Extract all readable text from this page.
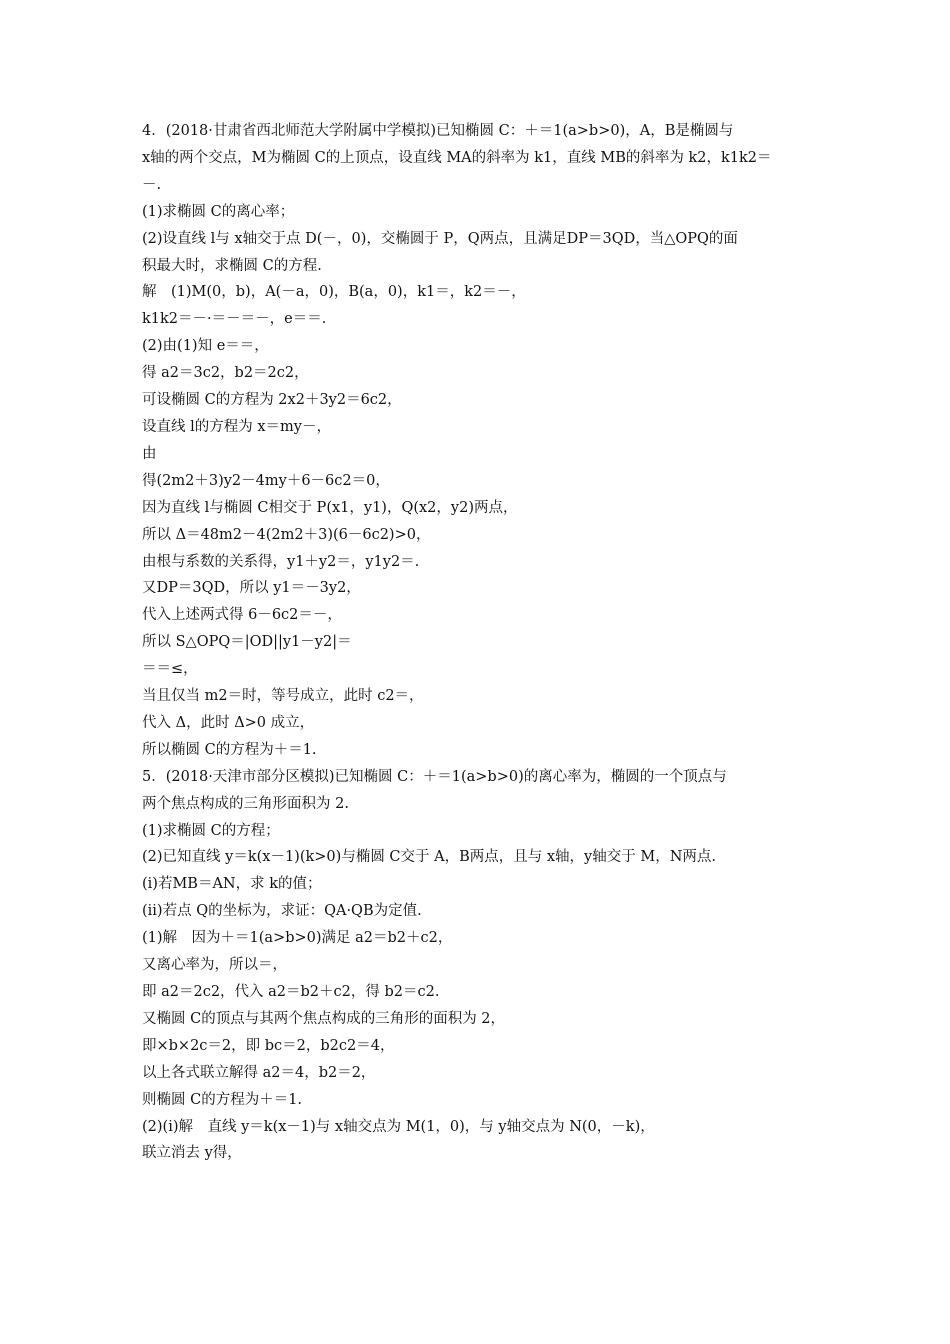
4．(2018·甘肃省西北师范大学附属中学模拟)已知椭圆 C：＋＝1(a>b>0)，A，B是椭圆与
x轴的两个交点，M为椭圆 C的上顶点，设直线 MA的斜率为 k1，直线 MB的斜率为 k2，k1k2＝
－.
(1)求椭圆 C的离心率；
(2)设直线 l与 x轴交于点 D(－，0)，交椭圆于 P，Q两点，且满足DP＝3QD，当△OPQ的面
积最大时，求椭圆 C的方程.
解　(1)M(0，b)，A(－a，0)，B(a，0)，k1＝，k2＝－，
k1k2＝－·＝－＝－，e＝＝.
(2)由(1)知 e＝＝，
得 a2＝3c2，b2＝2c2，
可设椭圆 C的方程为 2x2＋3y2＝6c2，
设直线 l的方程为 x＝my－，
由
得(2m2＋3)y2－4my＋6－6c2＝0，
因为直线 l与椭圆 C相交于 P(x1，y1)，Q(x2，y2)两点，
所以 Δ＝48m2－4(2m2＋3)(6－6c2)>0，
由根与系数的关系得，y1＋y2＝，y1y2＝.
又DP＝3QD，所以 y1＝－3y2，
代入上述两式得 6－6c2＝－，
所以 S△OPQ＝|OD||y1－y2|＝
＝＝≤，
当且仅当 m2＝时，等号成立，此时 c2＝，
代入 Δ，此时 Δ>0 成立，
所以椭圆 C的方程为＋＝1.
5．(2018·天津市部分区模拟)已知椭圆 C：＋＝1(a>b>0)的离心率为，椭圆的一个顶点与
两个焦点构成的三角形面积为 2.
(1)求椭圆 C的方程；
(2)已知直线 y＝k(x－1)(k>0)与椭圆 C交于 A，B两点，且与 x轴，y轴交于 M，N两点.
(ⅰ)若MB＝AN，求 k的值；
(ⅱ)若点 Q的坐标为，求证：QA·QB为定值.
(1)解　因为＋＝1(a>b>0)满足 a2＝b2＋c2，
又离心率为，所以＝，
即 a2＝2c2，代入 a2＝b2＋c2，得 b2＝c2.
又椭圆 C的顶点与其两个焦点构成的三角形的面积为 2，
即×b×2c＝2，即 bc＝2，b2c2＝4，
以上各式联立解得 a2＝4，b2＝2，
则椭圆 C的方程为＋＝1.
(2)(ⅰ)解　直线 y＝k(x－1)与 x轴交点为 M(1，0)，与 y轴交点为 N(0，－k)，
联立消去 y得，
